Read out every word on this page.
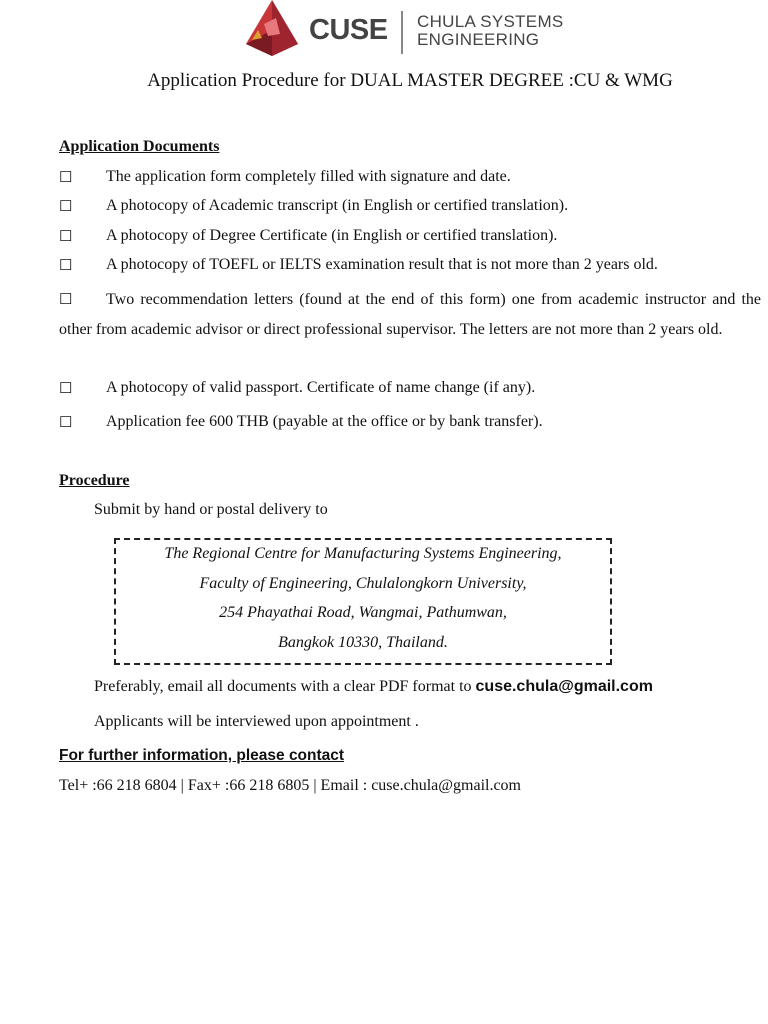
CUSE CHULA SYSTEMS
ENGINEERING
Application Procedure for DUAL MASTER DEGREE :CU & WMG
Application Documents
☐ The application form completely filled with signature and date.
☐ A photocopy of Academic transcript (in English or certified translation).
☐ A photocopy of Degree Certificate (in English or certified translation).
☐ A photocopy of TOEFL or IELTS examination result that is not more than 2 years old.
☐ Two recommendation letters (found at the end of this form) one from academic instructor and the other from academic advisor or direct professional supervisor. The letters are not more than 2 years old.
☐ A photocopy of valid passport. Certificate of name change (if any).
☐ Application fee 600 THB (payable at the office or by bank transfer).
Procedure
Submit by hand or postal delivery to
The Regional Centre for Manufacturing Systems Engineering,
Faculty of Engineering, Chulalongkorn University,
254 Phayathai Road, Wangmai, Pathumwan,
Bangkok 10330, Thailand.
Preferably, email all documents with a clear PDF format to cuse.chula@gmail.com
Applicants will be interviewed upon appointment .
For further information, please contact
Tel+ :66 218 6804 | Fax+ :66 218 6805 | Email : cuse.chula@gmail.com
